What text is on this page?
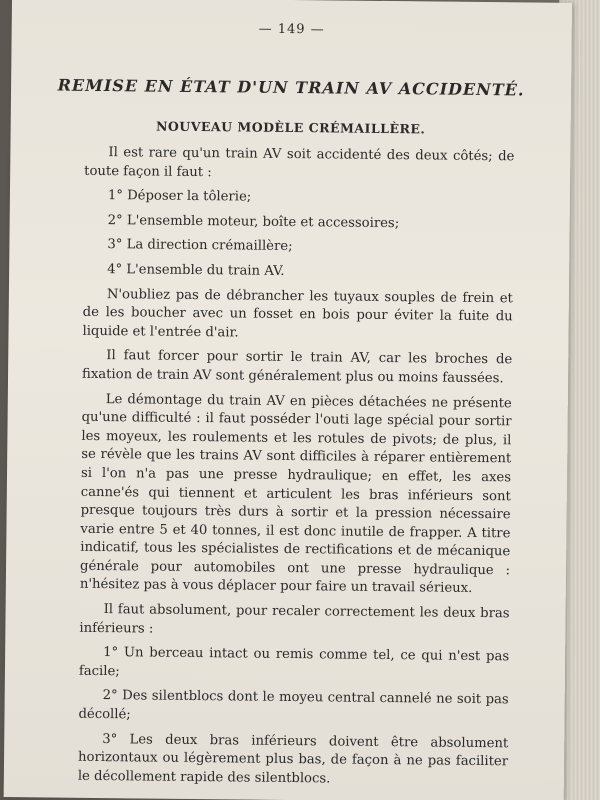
— 149 —
REMISE EN ÉTAT D'UN TRAIN AV ACCIDENTÉ.
NOUVEAU MODÈLE CRÉMAILLÈRE.

Il est rare qu'un train AV soit accidenté des deux côtés; de toute façon il faut :

1° Déposer la tôlerie;

2° L'ensemble moteur, boîte et accessoires;

3° La direction crémaillère;

4° L'ensemble du train AV.

N'oubliez pas de débrancher les tuyaux souples de frein et de les boucher avec un fosset en bois pour éviter la fuite du liquide et l'entrée d'air.

Il faut forcer pour sortir le train AV, car les broches de fixation de train AV sont généralement plus ou moins faussées.

Le démontage du train AV en pièces détachées ne présente qu'une difficulté : il faut posséder l'outi lage spécial pour sortir les moyeux, les roulements et les rotules de pivots; de plus, il se révèle que les trains AV sont difficiles à réparer entièrement si l'on n'a pas une presse hydraulique; en effet, les axes canne'és qui tiennent et articulent les bras inférieurs sont presque toujours très durs à sortir et la pression nécessaire varie entre 5 et 40 tonnes, il est donc inutile de frapper. A titre indicatif, tous les spécialistes de rectifications et de mécanique générale pour automobiles ont une presse hydraulique : n'hésitez pas à vous déplacer pour faire un travail sérieux.

Il faut absolument, pour recaler correctement les deux bras inférieurs :

1° Un berceau intact ou remis comme tel, ce qui n'est pas facile;

2° Des silentblocs dont le moyeu central cannelé ne soit pas décollé;

3° Les deux bras inférieurs doivent être absolument horizontaux ou légèrement plus bas, de façon à ne pas faciliter le décollement rapide des silentblocs.
